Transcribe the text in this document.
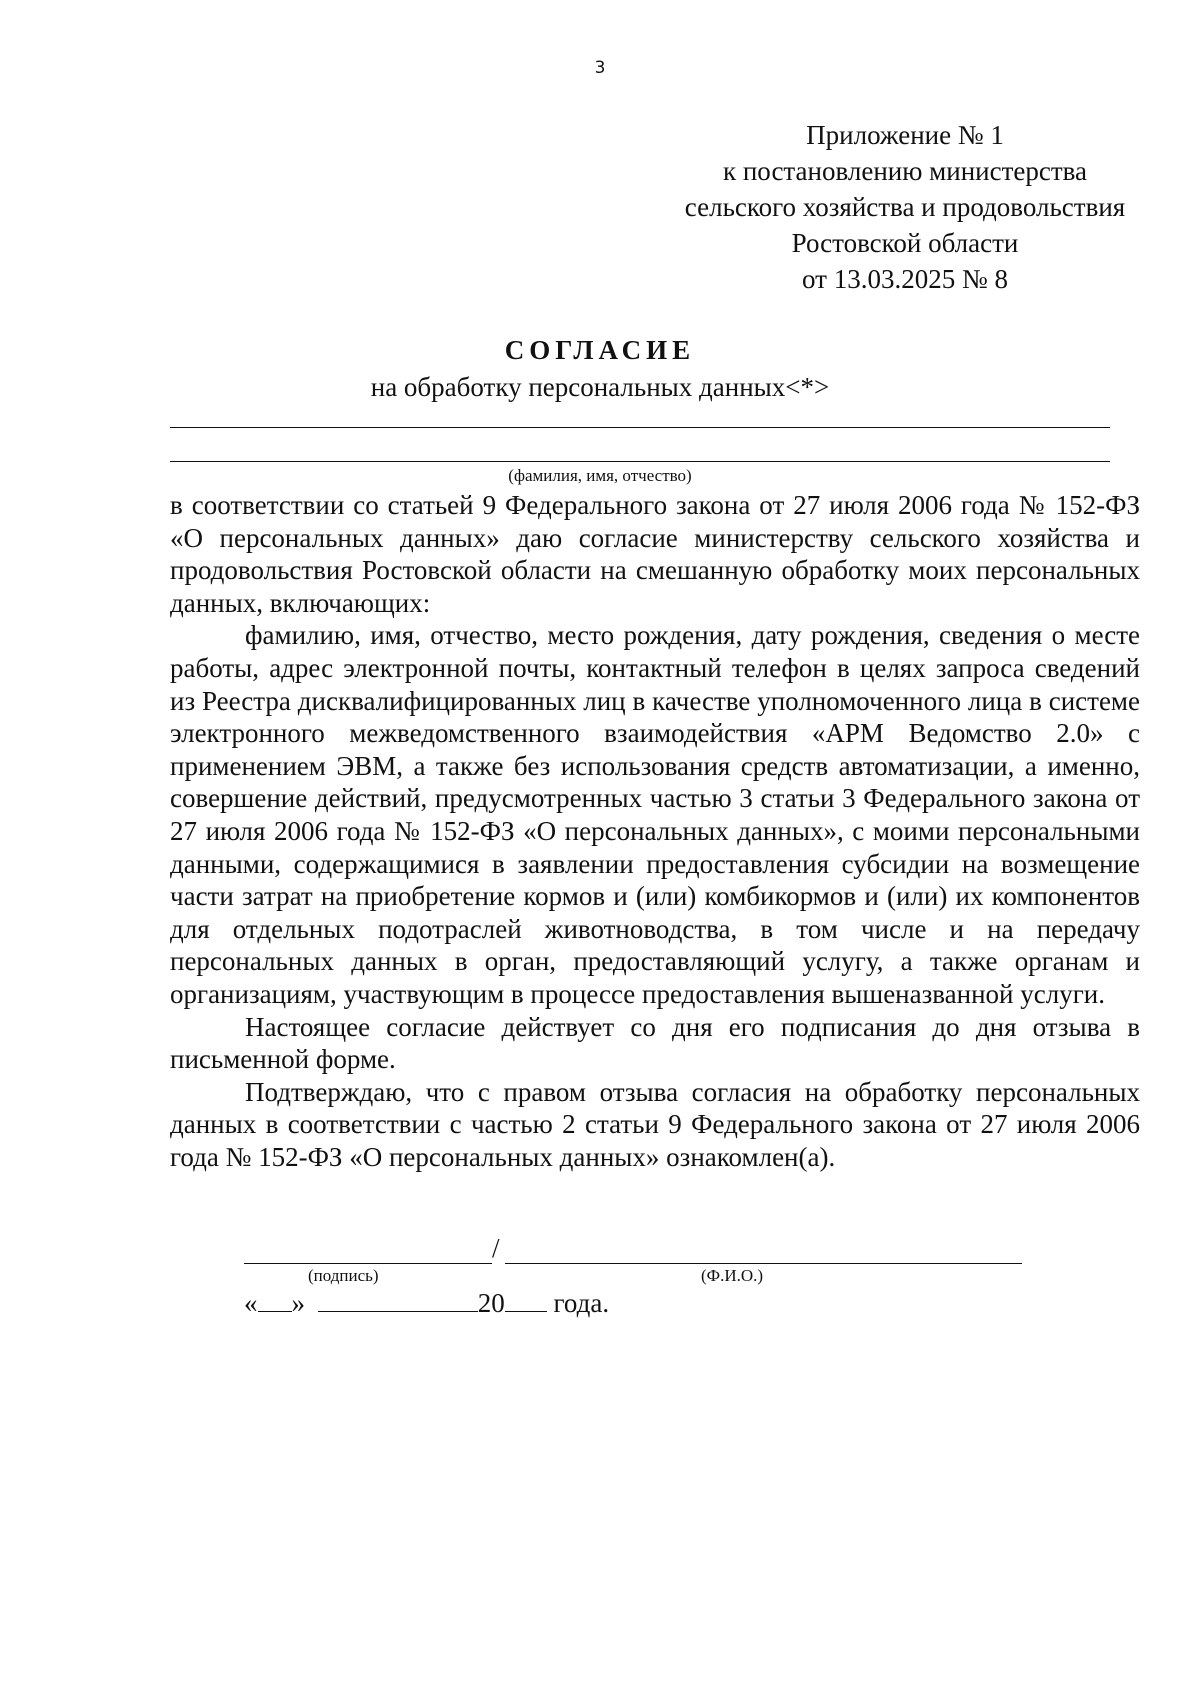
3
Приложение № 1
к постановлению министерства
сельского хозяйства и продовольствия
Ростовской области
от 13.03.2025 № 8
СОГЛАСИЕ
на обработку персональных данных<*>
(фамилия, имя, отчество)

в соответствии со статьей 9 Федерального закона от 27 июля 2006 года № 152-ФЗ «О персональных данных» даю согласие министерству сельского хозяйства и продовольствия Ростовской области на смешанную обработку моих персональных данных, включающих:

фамилию, имя, отчество, место рождения, дату рождения, сведения о месте работы, адрес электронной почты, контактный телефон в целях запроса сведений из Реестра дисквалифицированных лиц в качестве уполномоченного лица в системе электронного межведомственного взаимодействия «АРМ Ведомство 2.0» с применением ЭВМ, а также без использования средств автоматизации, а именно, совершение действий, предусмотренных частью 3 статьи 3 Федерального закона от 27 июля 2006 года № 152-ФЗ «О персональных данных», с моими персональными данными, содержащимися в заявлении предоставления субсидии на возмещение части затрат на приобретение кормов и (или) комбикормов и (или) их компонентов для отдельных подотраслей животноводства, в том числе и на передачу персональных данных в орган, предоставляющий услугу, а также органам и организациям, участвующим в процессе предоставления вышеназванной услуги.

Настоящее согласие действует со дня его подписания до дня отзыва в письменной форме.

Подтверждаю, что с правом отзыва согласия на обработку персональных данных в соответствии с частью 2 статьи 9 Федерального закона от 27 июля 2006 года № 152-ФЗ «О персональных данных» ознакомлен(а).

/
(подпись)	(Ф.И.О.)
« »	20 года.
